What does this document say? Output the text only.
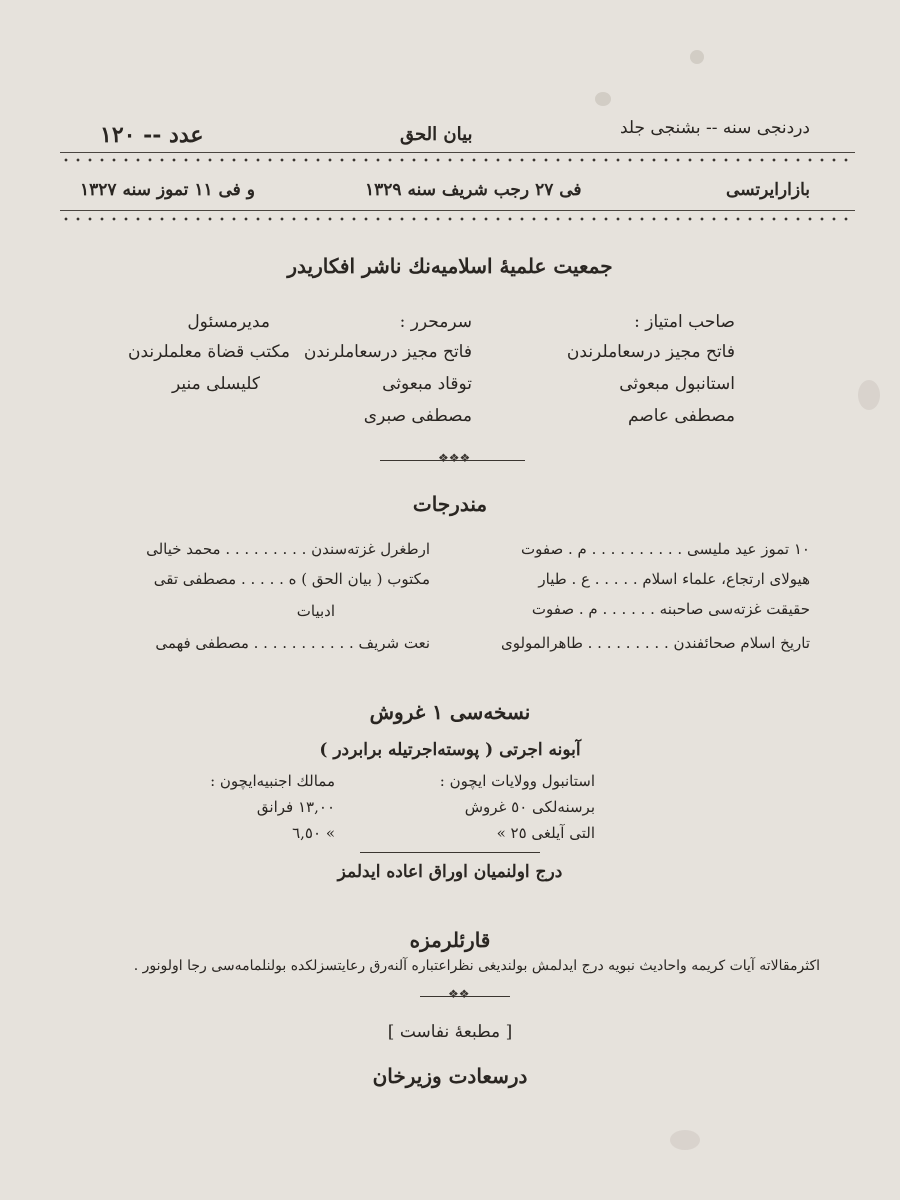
دردنجی سنه -- بشنجی جلد
بيان الحق
عدد -- ١٢٠
بازارایرتسی
فی ٢٧ رجب شریف سنه ١٣٢٩
و فی ١١ تموز سنه ١٣٢٧
جمعیت علمیهٔ اسلامیه‌نك ناشر افكاریدر
صاحب امتیاز :
فاتح مجیز درسعاملرندن
استانبول مبعوثی
مصطفی عاصم
سرمحرر :
فاتح مجیز درسعاملرندن
توقاد مبعوثی
مصطفی صبری
مدیرمسئول
مكتب قضاة معلملرندن
كلیسلی منیر
❖❖❖
مندرجات
١٠ تموز عید ملیسی . . . . . . . . . . م . صفوت
ارطغرل غزته‌سندن . . . . . . . . . محمد خیالی
هیولای ارتجاع، علماء اسلام . . . . . ع . طیار
مكتوب ( بیان الحق ) ه . . . . . مصطفی تقی
حقیقت غزته‌سی صاحبنه . . . . . . م . صفوت
ادبیات
تاریخ اسلام صحائفندن . . . . . . . . . طاهرالمولوی
نعت شریف . . . . . . . . . . . مصطفی فهمی
نسخه‌سی ١ غروش
آبونه اجرتی ( پوسته‌اجرتیله برابردر )
استانبول وولایات ایچون :
برسنه‌لكی ٥٠ غروش
التی آیلغی ٢٥ »
ممالك اجنبیه‌ایچون :
١٣,٠٠ فرانق
» ٦,٥٠
درج اولنمیان اوراق اعاده ایدلمز
قارئلرمزه
اكثرمقالاته آیات كریمه واحادیث نبویه درج ایدلمش بولندیغی نظراعتباره آلنه‌رق رعایتسزلكده بولنلمامه‌سی رجا اولونور .
❖❖
[ مطبعهٔ نفاست ]
درسعادت وزیرخان
